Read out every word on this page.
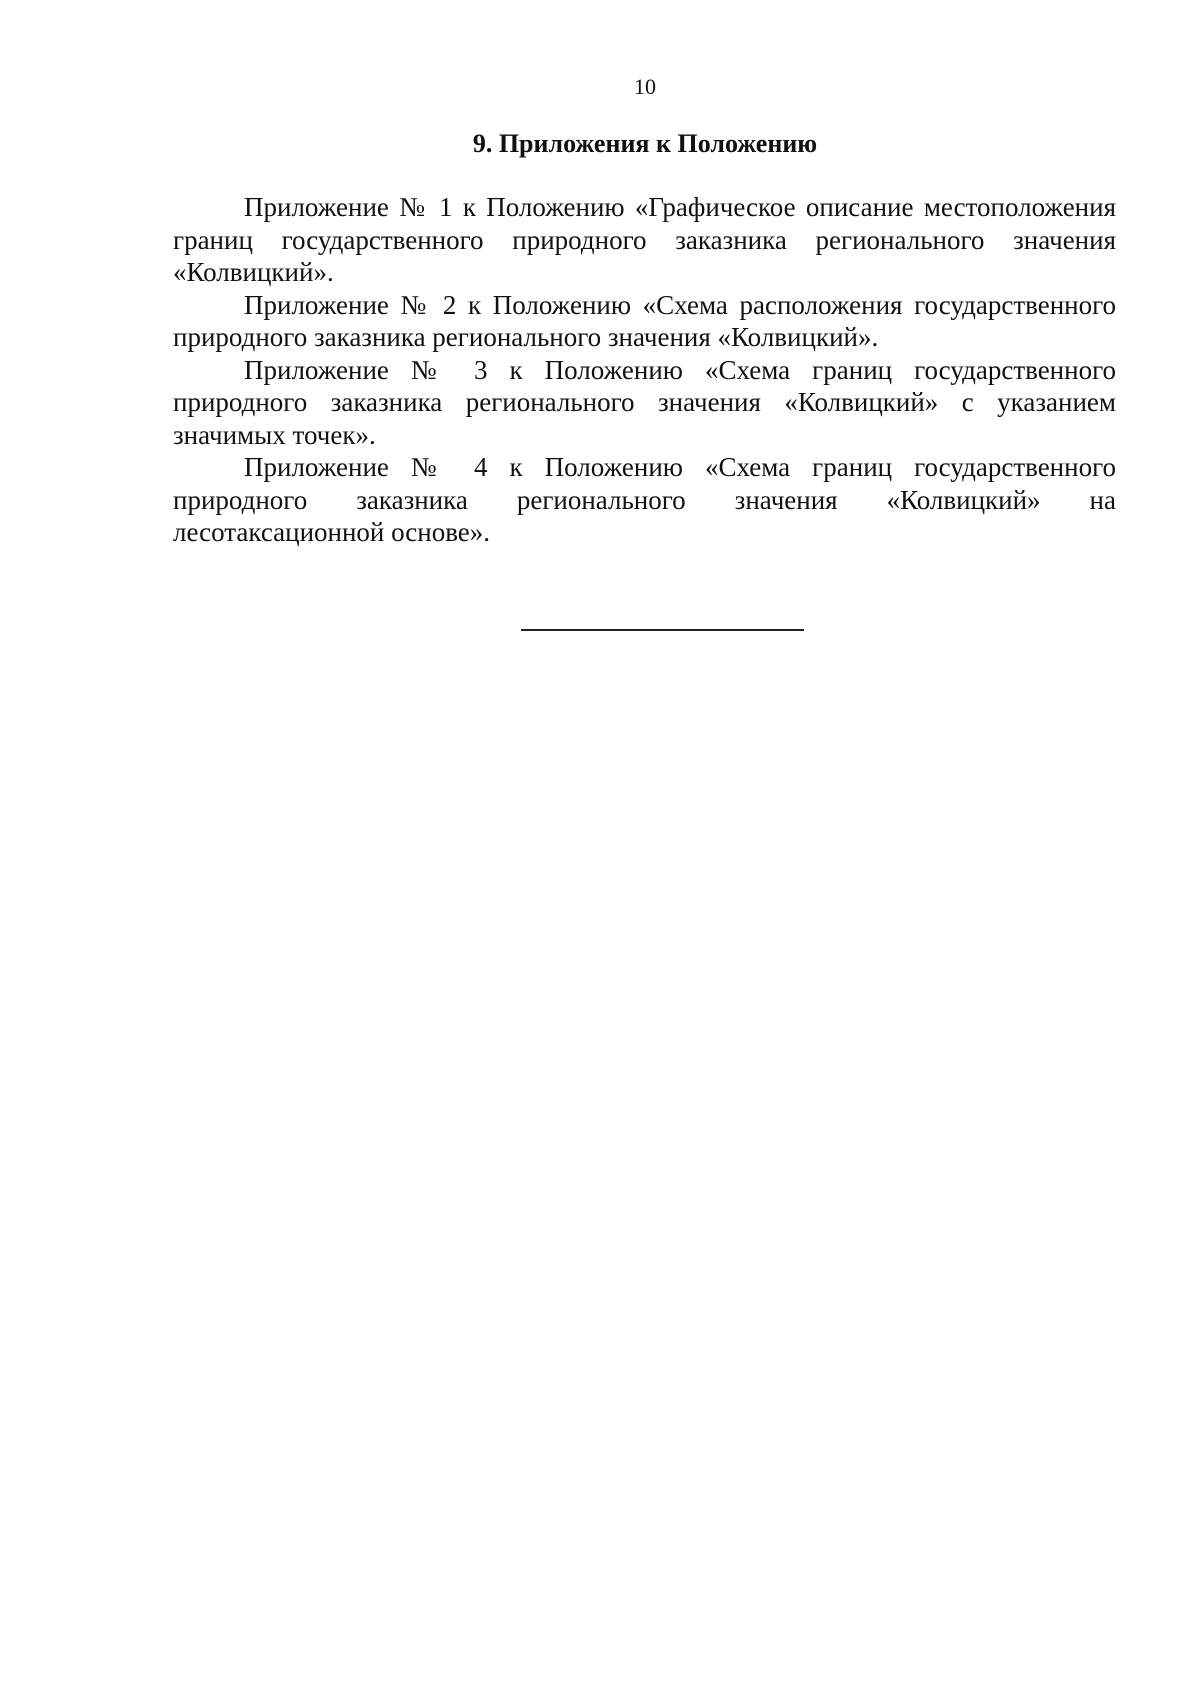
10
9. Приложения к Положению

Приложение № 1 к Положению «Графическое описание местоположения границ государственного природного заказника регионального значения «Колвицкий».

Приложение № 2 к Положению «Схема расположения государственного природного заказника регионального значения «Колвицкий».

Приложение № 3 к Положению «Схема границ государственного природного заказника регионального значения «Колвицкий» с указанием значимых точек».

Приложение № 4 к Положению «Схема границ государственного природного заказника регионального значения «Колвицкий» на лесотаксационной основе».
